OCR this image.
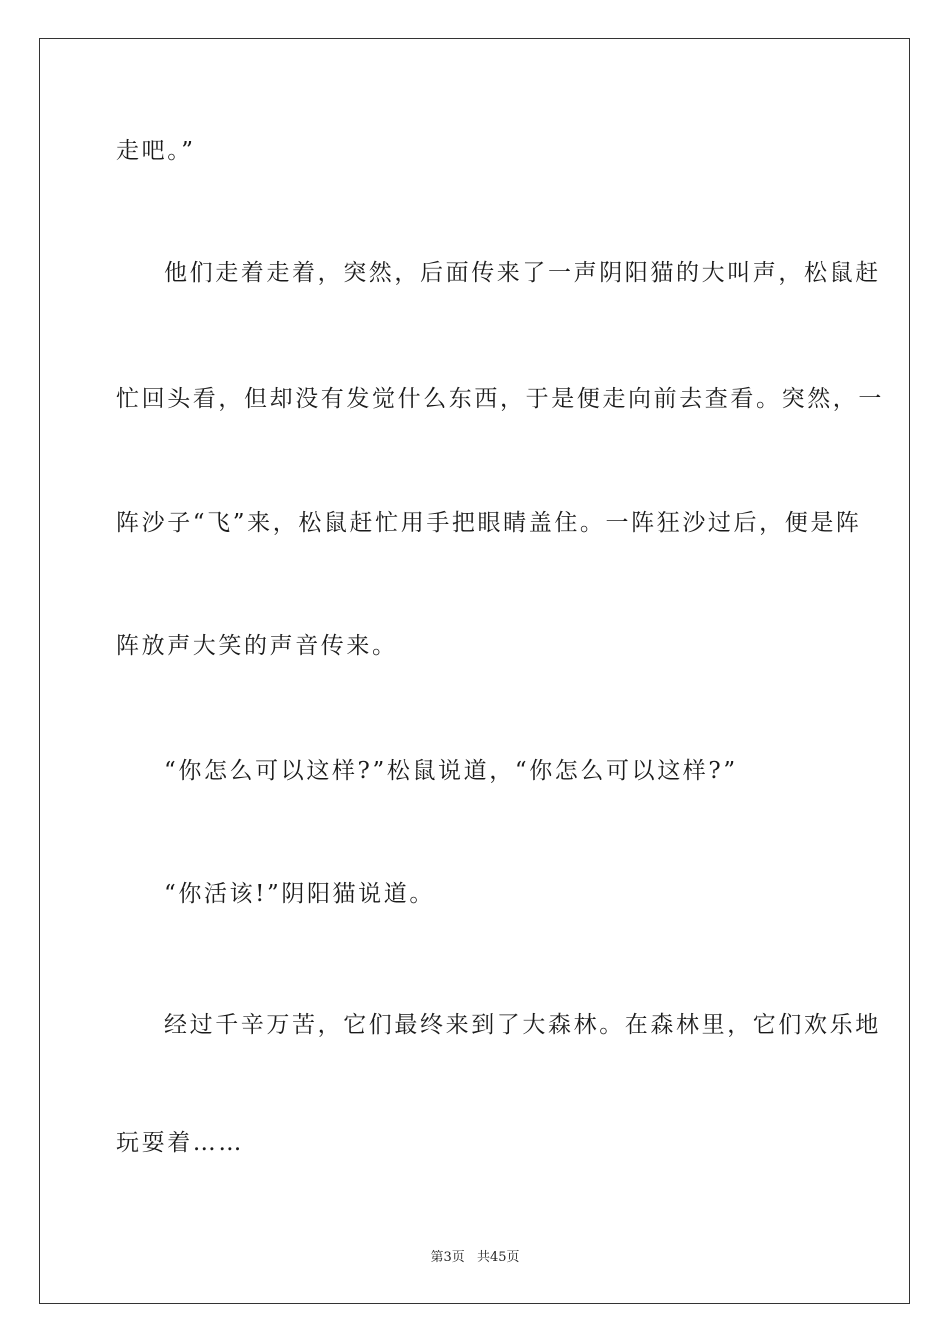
走吧。”
他们走着走着，突然，后面传来了一声阴阳猫的大叫声，松鼠赶
忙回头看，但却没有发觉什么东西，于是便走向前去查看。突然，一
阵沙子“飞”来，松鼠赶忙用手把眼睛盖住。一阵狂沙过后，便是阵
阵放声大笑的声音传来。
“你怎么可以这样?”松鼠说道，“你怎么可以这样?”
“你活该!”阴阳猫说道。
经过千辛万苦，它们最终来到了大森林。在森林里，它们欢乐地
玩耍着……
第3页 共45页
